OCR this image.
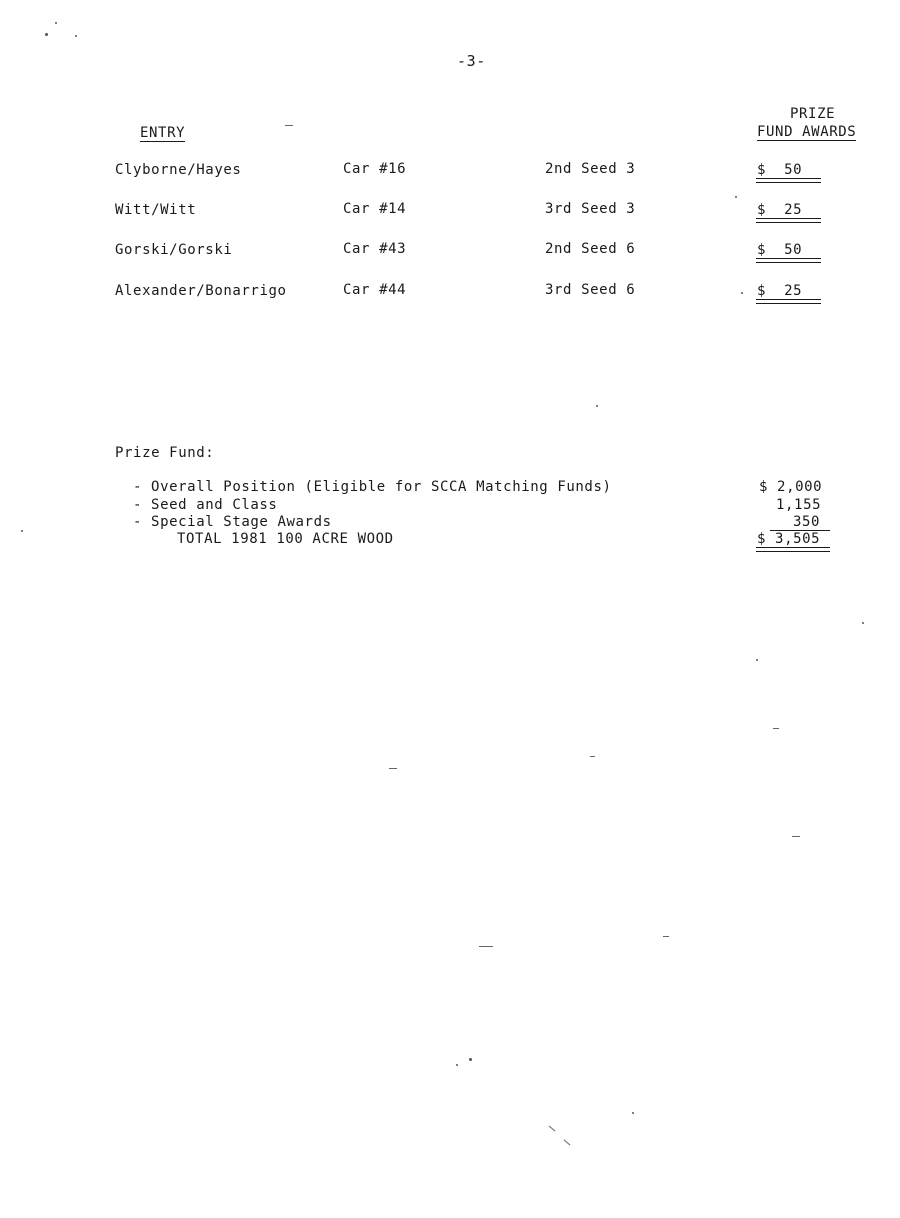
-3-
PRIZE
FUND AWARDS
ENTRY
Clyborne/Hayes	Car #16	2nd Seed 3	$  50
Witt/Witt	Car #14	3rd Seed 3	$  25
Gorski/Gorski	Car #43	2nd Seed 6	$  50
Alexander/Bonarrigo	Car #44	3rd Seed 6	$  25
Prize Fund:
- Overall Position (Eligible for SCCA Matching Funds)	$ 2,000
- Seed and Class	1,155
- Special Stage Awards	350
TOTAL 1981 100 ACRE WOOD	$ 3,505
